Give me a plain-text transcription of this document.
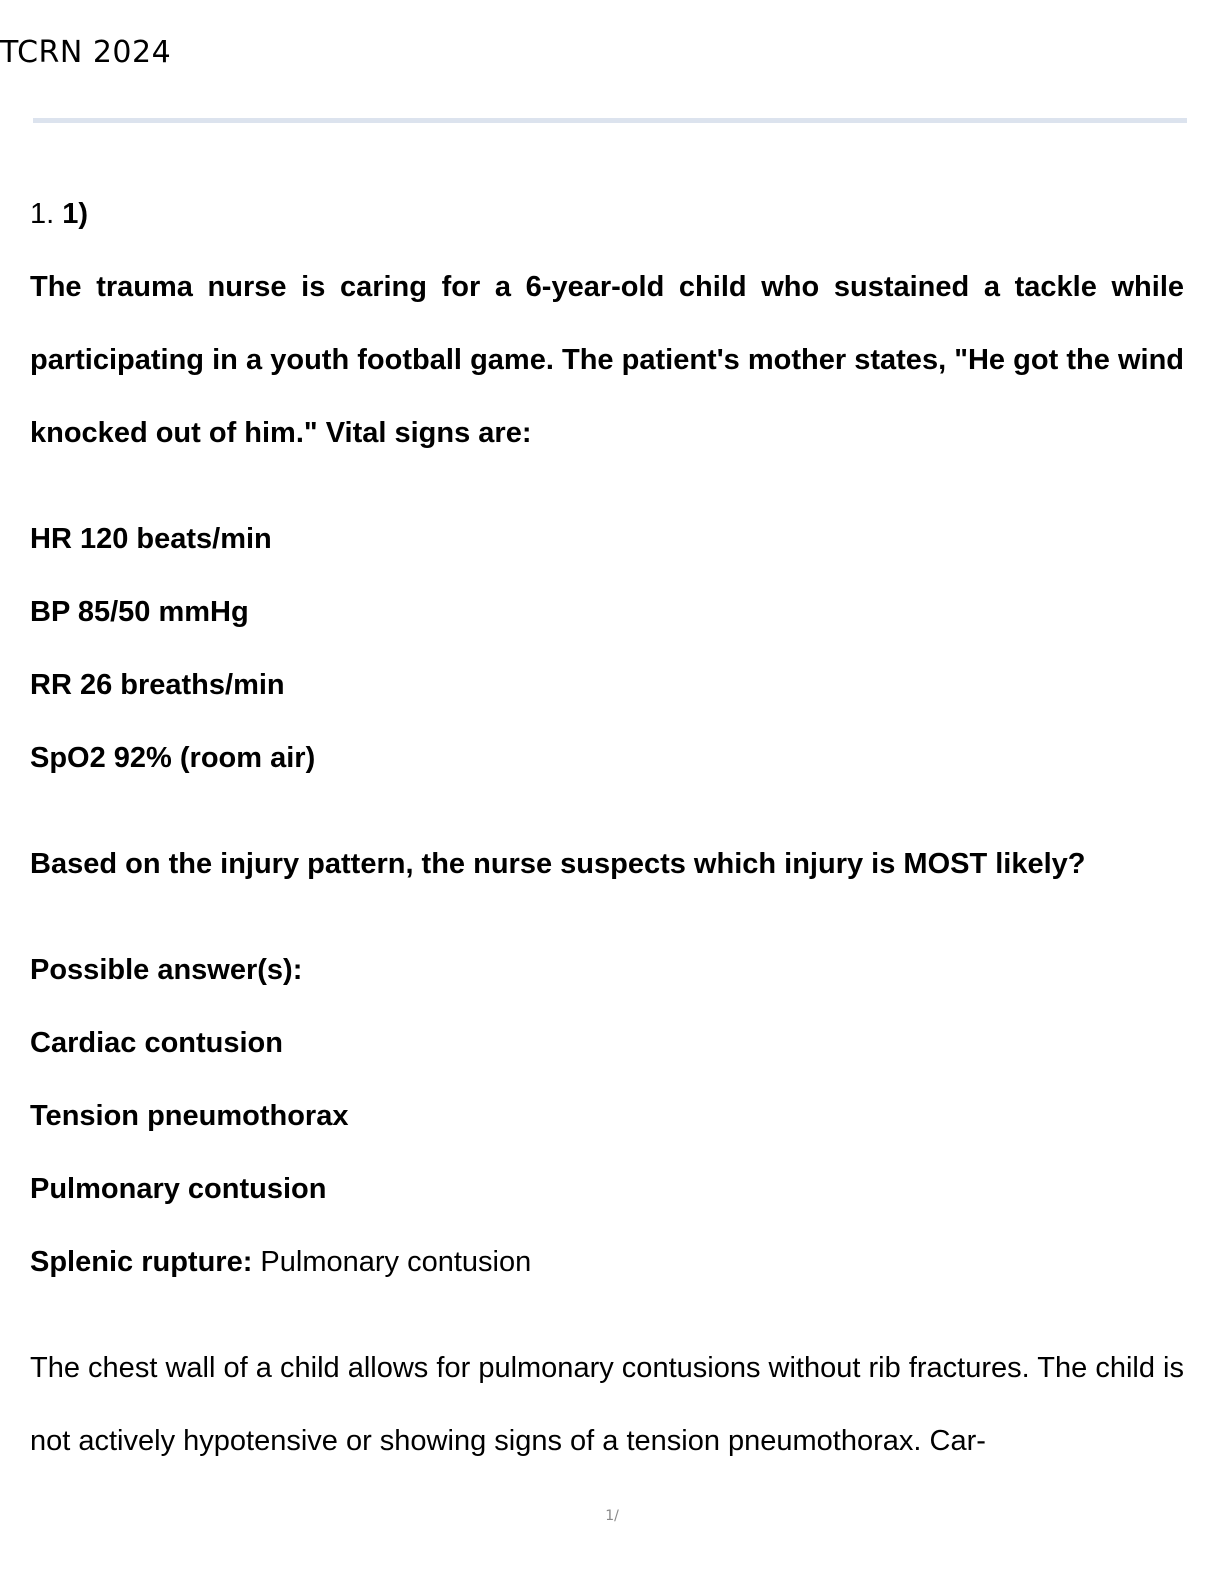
TCRN 2024
1. 1)

The trauma nurse is caring for a 6-year-old child who sustained a tackle while participating in a youth football game. The patient's mother states, "He got the wind knocked out of him." Vital signs are:

HR 120 beats/min
BP 85/50 mmHg
RR 26 breaths/min
SpO2 92% (room air)
Based on the injury pattern, the nurse suspects which injury is MOST likely?
Possible answer(s):
Cardiac contusion
Tension pneumothorax
Pulmonary contusion
Splenic rupture: Pulmonary contusion

The chest wall of a child allows for pulmonary contusions without rib fractures. The child is not actively hypotensive or showing signs of a tension pneumothorax. Car-

1/
